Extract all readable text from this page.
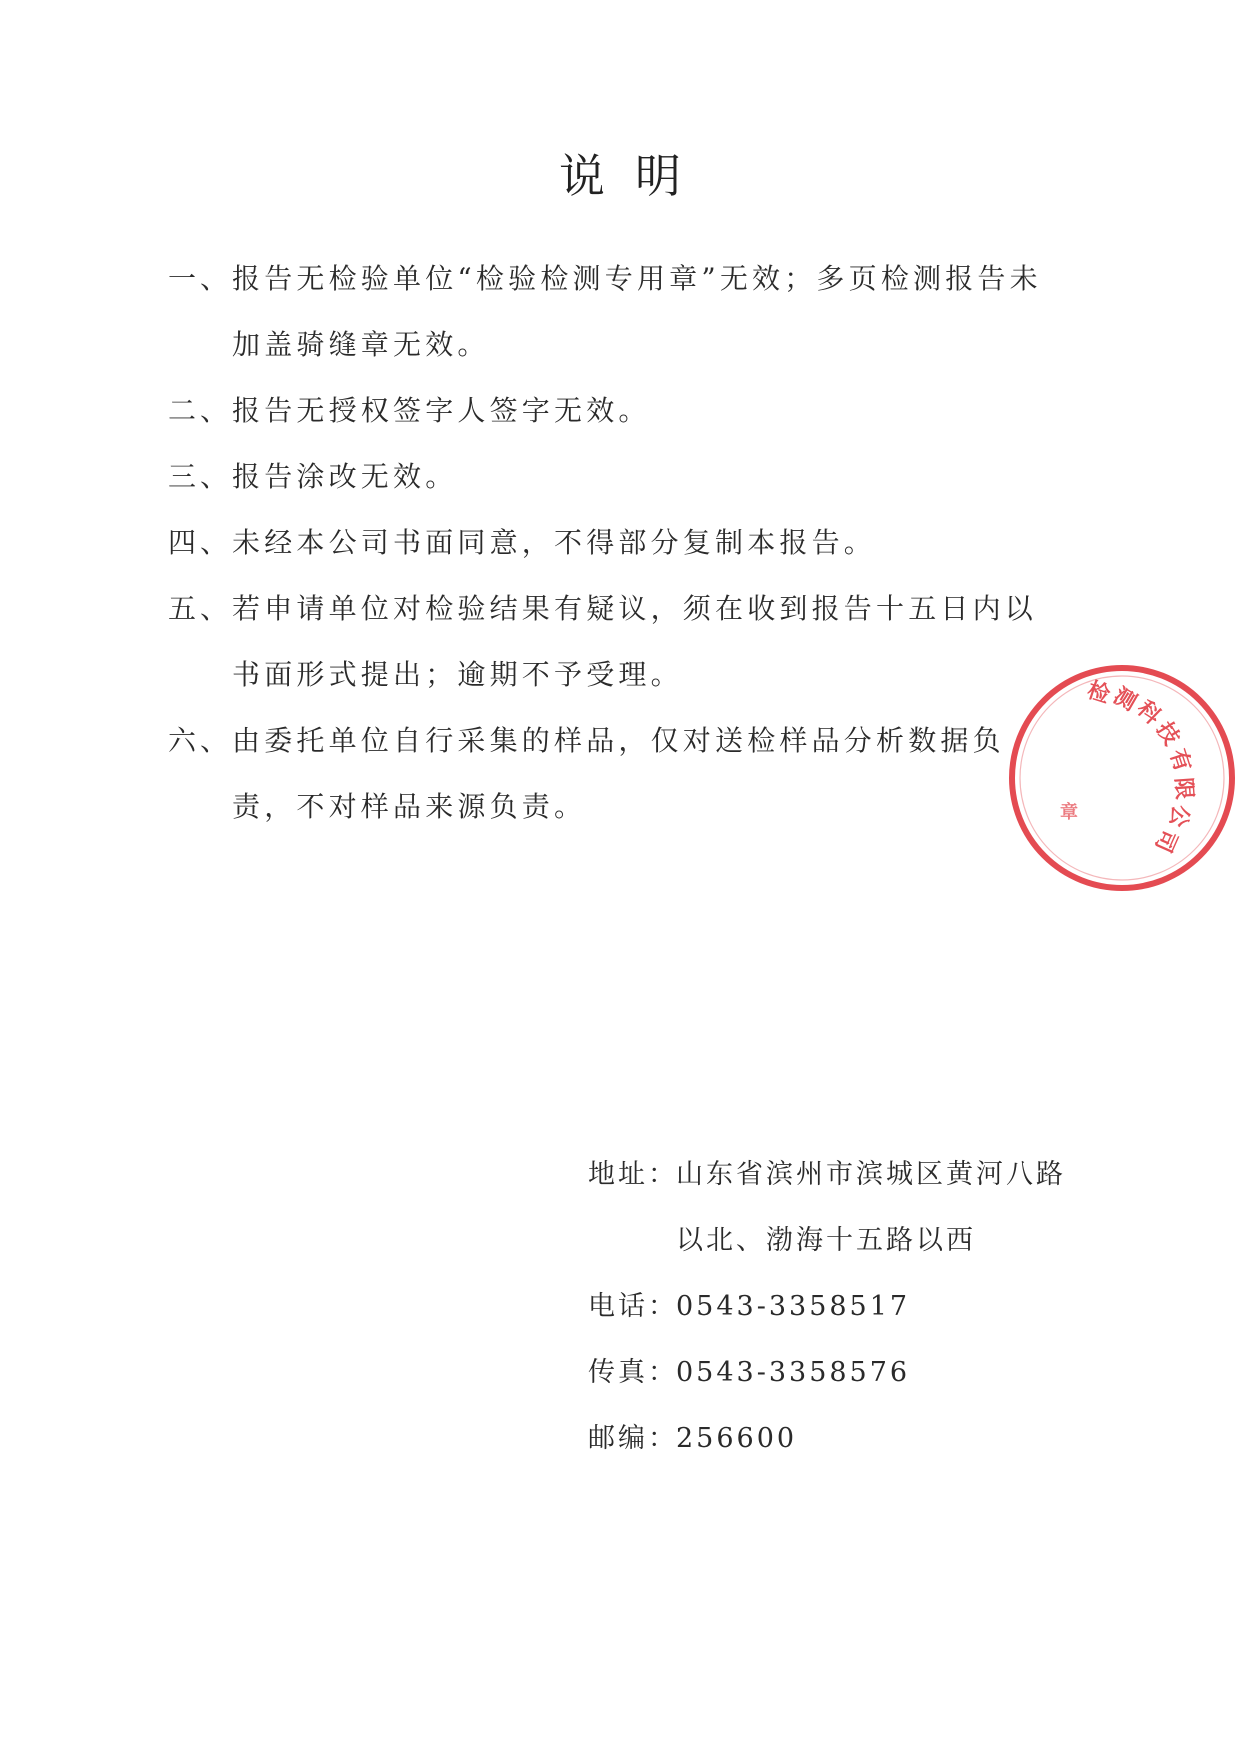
说明
一、 报告无检验单位“检验检测专用章”无效；多页检测报告未加盖骑缝章无效。
二、 报告无授权签字人签字无效。
三、 报告涂改无效。
四、 未经本公司书面同意，不得部分复制本报告。
五、 若申请单位对检验结果有疑议，须在收到报告十五日内以书面形式提出；逾期不予受理。
六、 由委托单位自行采集的样品，仅对送检样品分析数据负责，不对样品来源负责。
地址：
山东省滨州市滨城区黄河八路以北、渤海十五路以西
电话：
0543-3358517
传真：
0543-3358576
邮编：
256600
检
测
科
技
有
限
公
司
章
